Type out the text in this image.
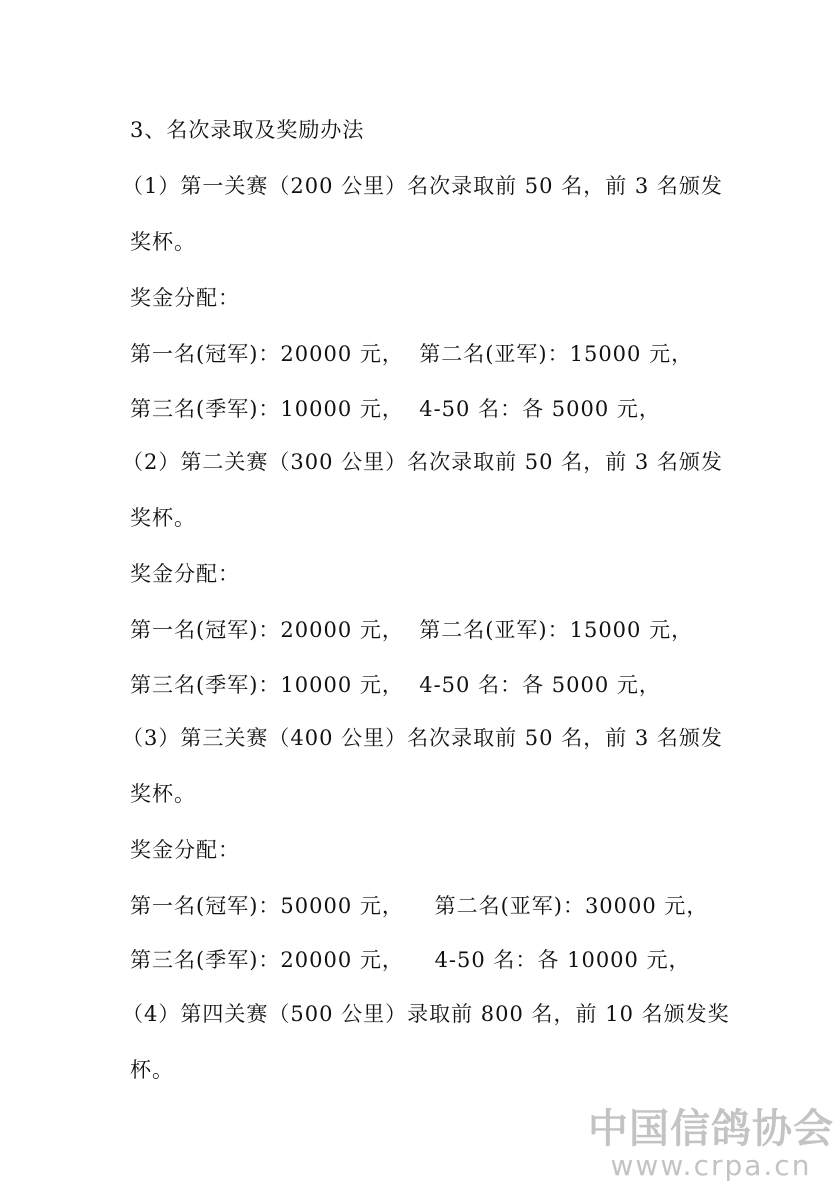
3、名次录取及奖励办法
（1）第一关赛（200 公里）名次录取前 50 名，前 3 名颁发
奖杯。
奖金分配：
第一名(冠军)：20000 元，  第二名(亚军)：15000 元，
第三名(季军)：10000 元，  4-50 名：各 5000 元，
（2）第二关赛（300 公里）名次录取前 50 名，前 3 名颁发
奖杯。
奖金分配：
第一名(冠军)：20000 元，  第二名(亚军)：15000 元，
第三名(季军)：10000 元，  4-50 名：各 5000 元，
（3）第三关赛（400 公里）名次录取前 50 名，前 3 名颁发
奖杯。
奖金分配：
第一名(冠军)：50000 元，    第二名(亚军)：30000 元，
第三名(季军)：20000 元，    4-50 名：各 10000 元，
（4）第四关赛（500 公里）录取前 800 名，前 10 名颁发奖
杯。
中国信鸽协会
www.crpa.cn
